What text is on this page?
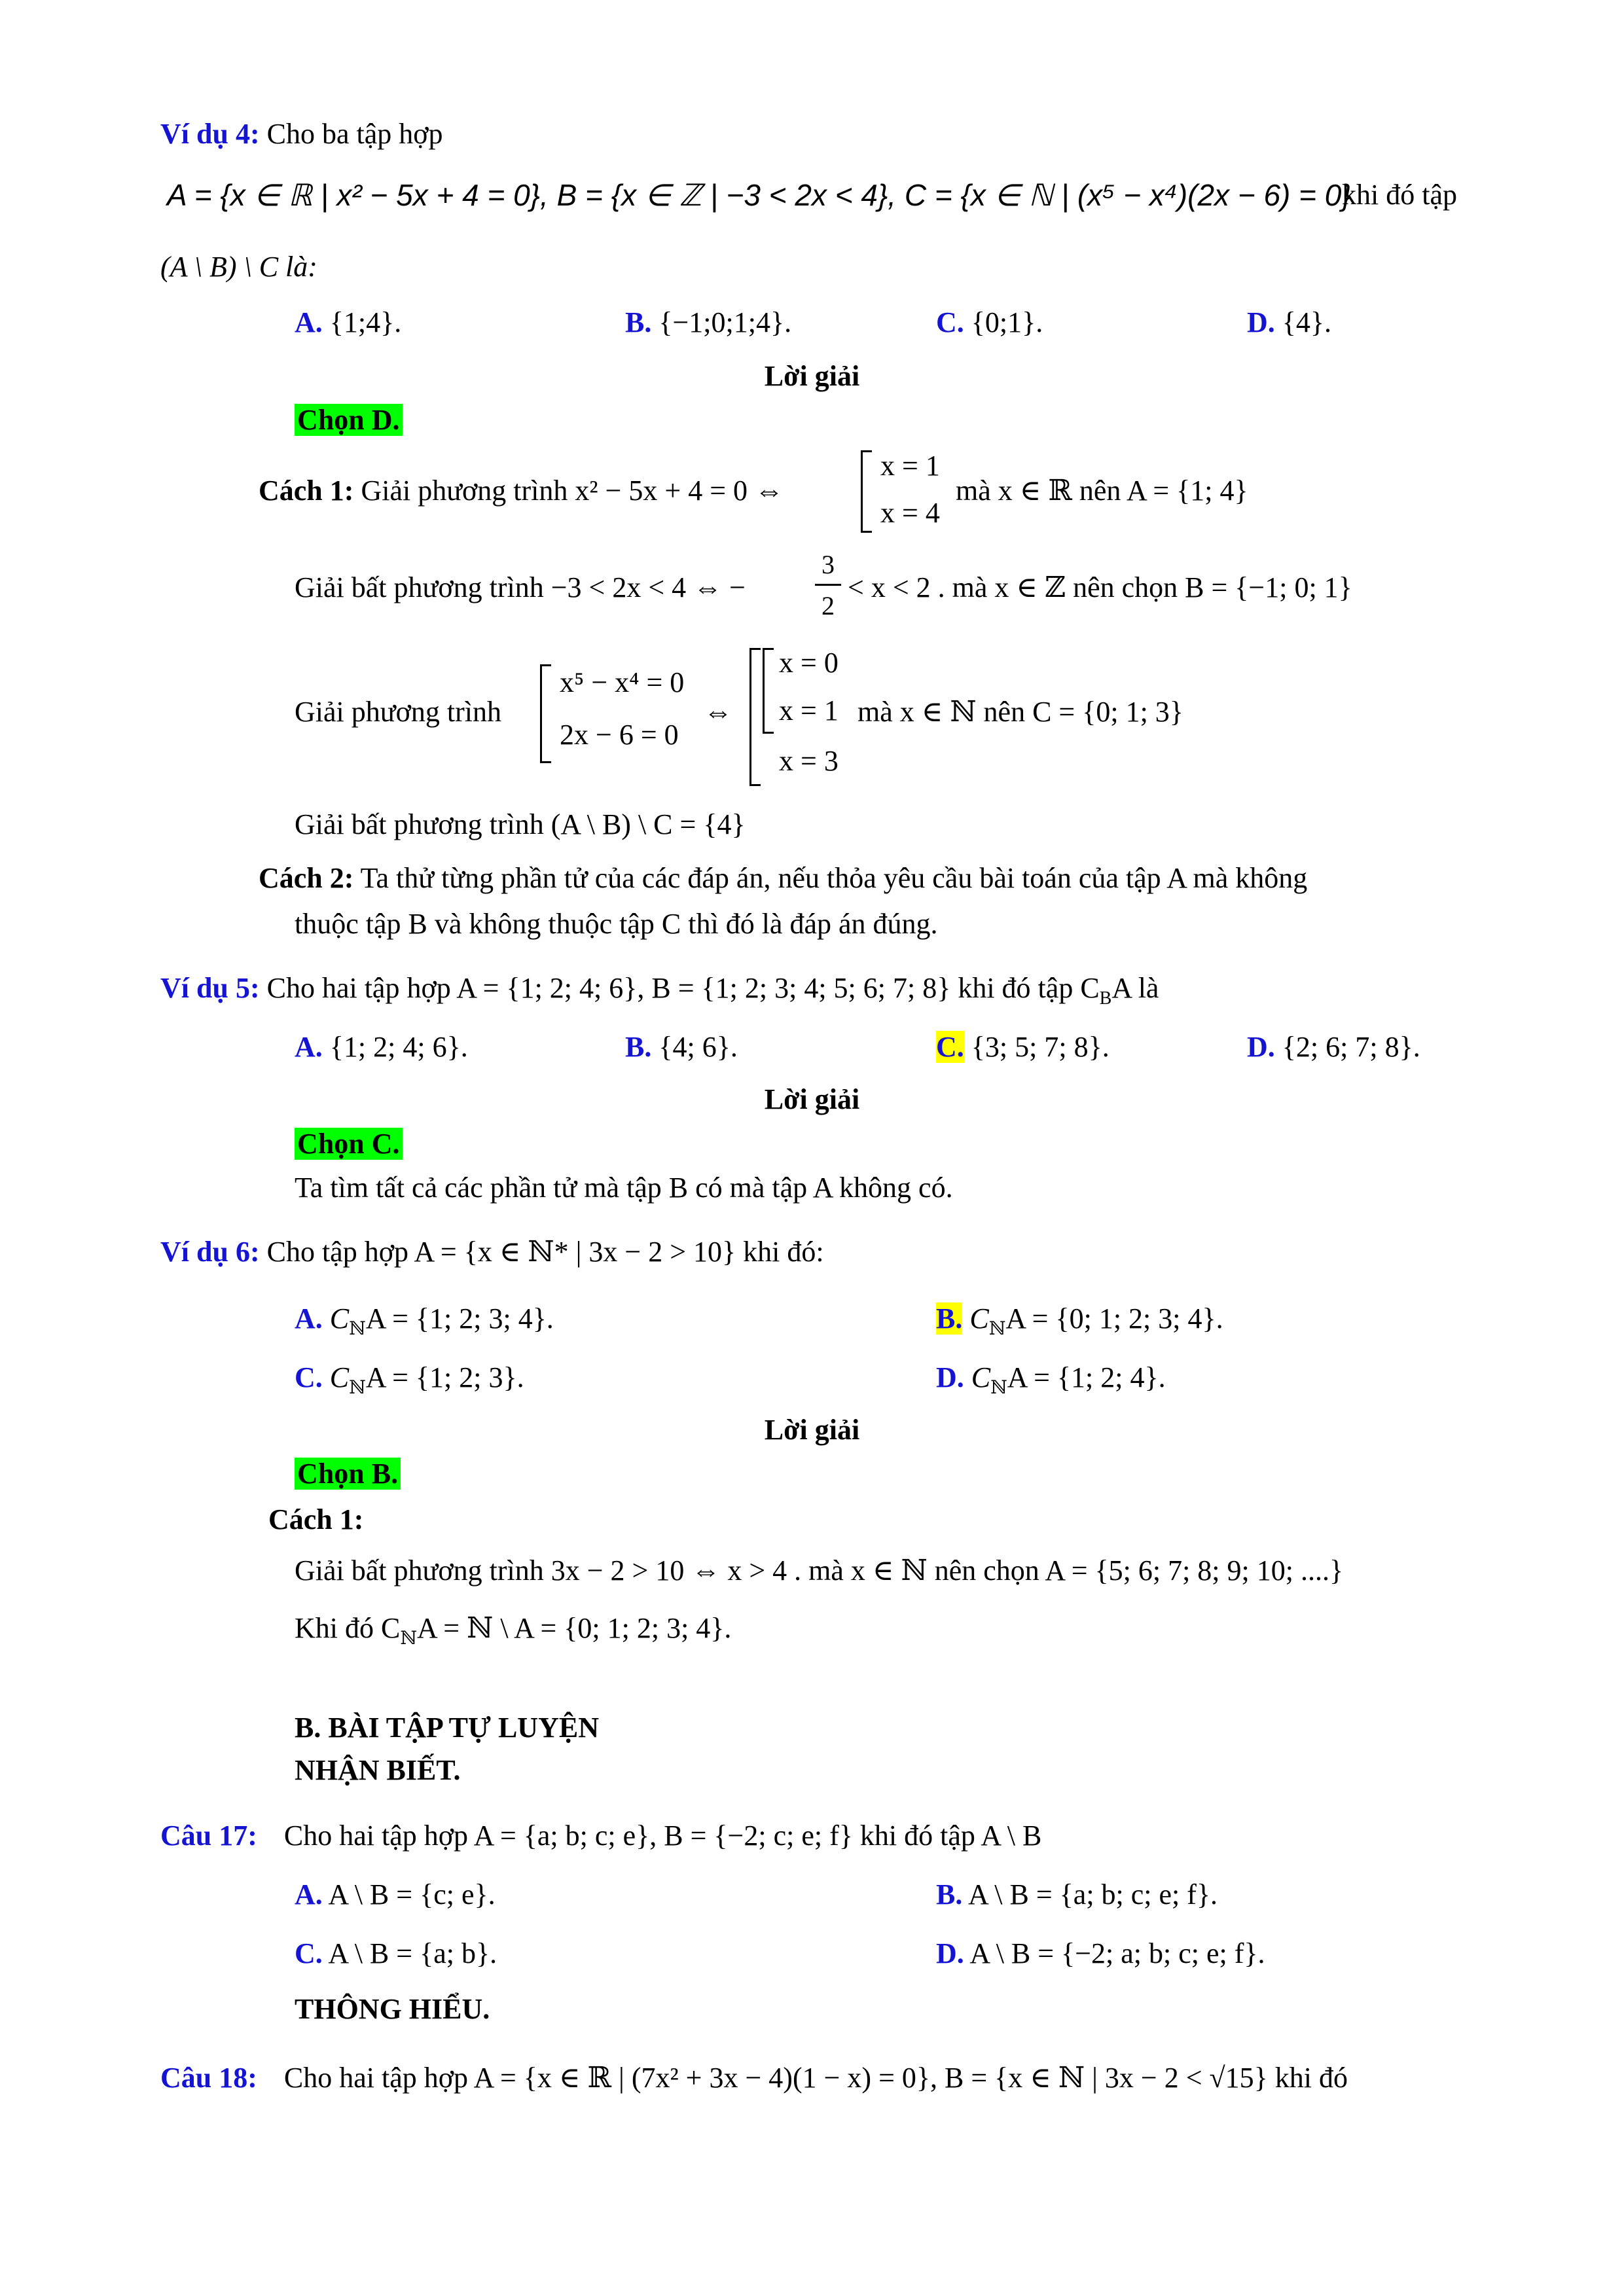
Ví dụ 4: Cho ba tập hợp
A = {x ∈ ℝ | x² − 5x + 4 = 0}, B = {x ∈ ℤ | −3 < 2x < 4}, C = {x ∈ ℕ | (x⁵ − x⁴)(2x − 6) = 0}
khi đó tập
(A \ B) \ C là:
A. {1;4}.	B. {−1;0;1;4}.	C. {0;1}.	D. {4}.
Lời giải
Chọn D.
Cách 1: Giải phương trình x² − 5x + 4 = 0 ⇔
x = 1
x = 4
mà x ∈ ℝ nên A = {1; 4}
Giải bất phương trình −3 < 2x < 4 ⇔ −
3
2
< x < 2 . mà x ∈ ℤ nên chọn B = {−1; 0; 1}
Giải phương trình
x⁵ − x⁴ = 0
2x − 6 = 0
⇔
x = 0
x = 1
x = 3
mà x ∈ ℕ nên C = {0; 1; 3}
Giải bất phương trình (A \ B) \ C = {4}
Cách 2: Ta thử từng phần tử của các đáp án, nếu thỏa yêu cầu bài toán của tập A mà không
thuộc tập B và không thuộc tập C thì đó là đáp án đúng.
Ví dụ 5: Cho hai tập hợp A = {1; 2; 4; 6}, B = {1; 2; 3; 4; 5; 6; 7; 8} khi đó tập $C_BA$ là
A. {1; 2; 4; 6}.	B. {4; 6}.	C. {3; 5; 7; 8}.	D. {2; 6; 7; 8}.
Lời giải
Chọn C.
Ta tìm tất cả các phần tử mà tập B có mà tập A không có.
Ví dụ 6: Cho tập hợp A = {x ∈ ℕ* | 3x − 2 > 10} khi đó:
A. $C_ℕA = \{1$; 2; 3; 4}.	B. $C_ℕA = \{0$; 1; 2; 3; 4}.
C. $C_ℕA = \{1$; 2; 3}.	D. $C_ℕA = \{1$; 2; 4}.
Lời giải
Chọn B.
Cách 1:
Giải bất phương trình 3x − 2 > 10 ⇔ x > 4 . mà x ∈ ℕ nên chọn A = {5; 6; 7; 8; 9; 10; ....}
Khi đó $C_ℕA$ = ℕ \ A = {0; 1; 2; 3; 4}.
B. BÀI TẬP TỰ LUYỆN
NHẬN BIẾT.
Câu 17: Cho hai tập hợp A = {a; b; c; e}, B = {−2; c; e; f} khi đó tập A \ B
A. A \ B = {c; e}.	B. A \ B = {a; b; c; e; f}.
C. A \ B = {a; b}.	D. A \ B = {−2; a; b; c; e; f}.
THÔNG HIỂU.
Câu 18: Cho hai tập hợp A = {x ∈ ℝ | (7x² + 3x − 4)(1 − x) = 0}, B = {x ∈ ℕ | 3x − 2 < √15} khi đó
